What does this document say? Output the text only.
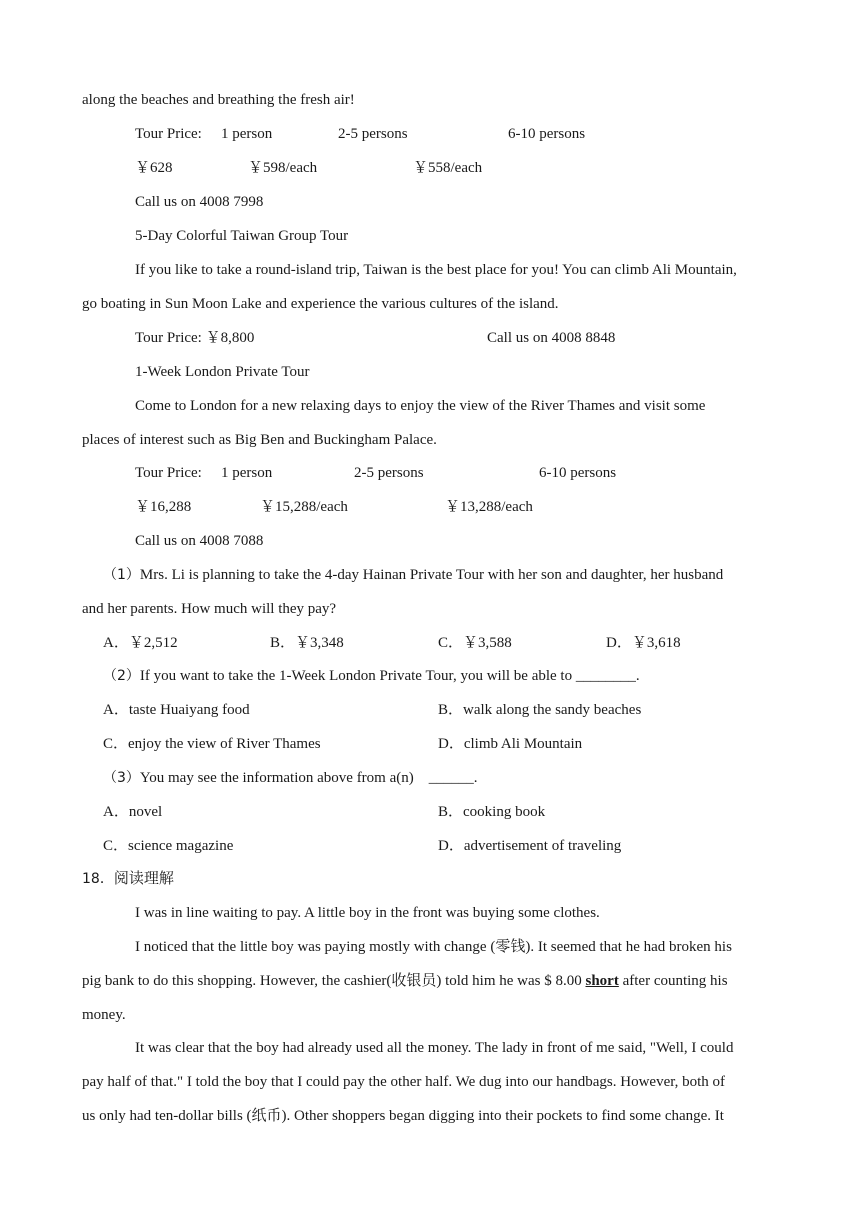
along the beaches and breathing the fresh air!
Tour Price: 1 person	2-5 persons	6-10 persons
￥628	￥598/each	￥558/each
Call us on 4008 7998
5-Day Colorful Taiwan Group Tour
If you like to take a round-island trip, Taiwan is the best place for you! You can climb Ali Mountain,
go boating in Sun Moon Lake and experience the various cultures of the island.
Tour Price: ￥8,800	Call us on 4008 8848
1-Week London Private Tour
Come to London for a new relaxing days to enjoy the view of the River Thames and visit some
places of interest such as Big Ben and Buckingham Palace.
Tour Price: 1 person	2-5 persons	6-10 persons
￥16,288	￥15,288/each	￥13,288/each
Call us on 4008 7088
（1）Mrs. Li is planning to take the 4-day Hainan Private Tour with her son and daughter, her husband
and her parents. How much will they pay?
A．￥2,512	B．￥3,348	C．￥3,588	D．￥3,618
（2）If you want to take the 1-Week London Private Tour, you will be able to ________.
A．taste Huaiyang food	B．walk along the sandy beaches
C．enjoy the view of River Thames	D．climb Ali Mountain
（3）You may see the information above from a(n)　______.
A．novel	B．cooking book
C．science magazine	D．advertisement of traveling
18．阅读理解
I was in line waiting to pay. A little boy in the front was buying some clothes.
I noticed that the little boy was paying mostly with change (零钱). It seemed that he had broken his
pig bank to do this shopping. However, the cashier(收银员) told him he was $ 8.00 short after counting his
money.
It was clear that the boy had already used all the money. The lady in front of me said, "Well, I could
pay half of that." I told the boy that I could pay the other half. We dug into our handbags. However, both of
us only had ten-dollar bills (纸币). Other shoppers began digging into their pockets to find some change. It
